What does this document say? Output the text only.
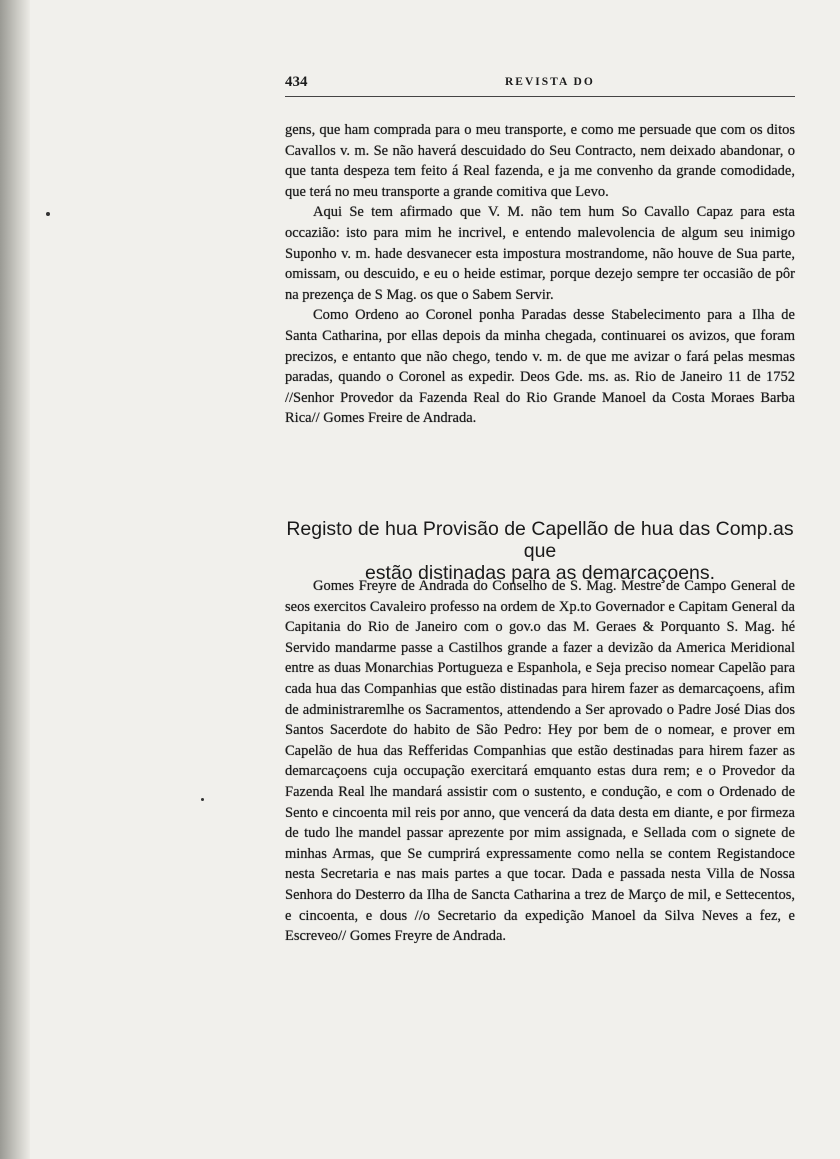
434	REVISTA DO

gens, que ham comprada para o meu transporte, e como me persuade que com os ditos Cavallos v. m. Se não haverá descuidado do Seu Contracto, nem deixado abandonar, o que tanta despeza tem feito á Real fazenda, e ja me convenho da grande comodidade, que terá no meu transporte a grande comitiva que Levo.

Aqui Se tem afirmado que V. M. não tem hum So Cavallo Capaz para esta occazião: isto para mim he incrivel, e entendo malevolencia de algum seu inimigo Suponho v. m. hade desvanecer esta impostura mostrandome, não houve de Sua parte, omissam, ou descuido, e eu o heide estimar, porque dezejo sempre ter occasião de pôr na prezença de S Mag. os que o Sabem Servir.

Como Ordeno ao Coronel ponha Paradas desse Stabelecimento para a Ilha de Santa Catharina, por ellas depois da minha chegada, continuarei os avizos, que foram precizos, e entanto que não chego, tendo v. m. de que me avizar o fará pelas mesmas paradas, quando o Coronel as expedir. Deos Gde. ms. as. Rio de Janeiro 11 de 1752 //Senhor Provedor da Fazenda Real do Rio Grande Manoel da Costa Moraes Barba Rica// Gomes Freire de Andrada.

Registo de hua Provisão de Capellão de hua das Comp.as que
estão distinadas para as demarcaçoens.

Gomes Freyre de Andrada do Conselho de S. Mag. Mestre de Campo General de seos exercitos Cavaleiro professo na ordem de Xp.to Governador e Capitam General da Capitania do Rio de Janeiro com o gov.o das M. Geraes & Porquanto S. Mag. hé Servido mandarme passe a Castilhos grande a fazer a devizão da America Meridional entre as duas Monarchias Portugueza e Espanhola, e Seja preciso nomear Capelão para cada hua das Companhias que estão distinadas para hirem fazer as demarcaçoens, afim de administraremlhe os Sacramentos, attendendo a Ser aprovado o Padre José Dias dos Santos Sacerdote do habito de São Pedro: Hey por bem de o nomear, e prover em Capelão de hua das Refferidas Companhias que estão destinadas para hirem fazer as demarcaçoens cuja occupação exercitará emquanto estas dura rem; e o Provedor da Fazenda Real lhe mandará assistir com o sustento, e condução, e com o Ordenado de Sento e cincoenta mil reis por anno, que vencerá da data desta em diante, e por firmeza de tudo lhe mandel passar aprezente por mim assignada, e Sellada com o signete de minhas Armas, que Se cumprirá expressamente como nella se contem Registandoce nesta Secretaria e nas mais partes a que tocar. Dada e passada nesta Villa de Nossa Senhora do Desterro da Ilha de Sancta Catharina a trez de Março de mil, e Settecentos, e cincoenta, e dous //o Secretario da expedição Manoel da Silva Neves a fez, e Escreveo// Gomes Freyre de Andrada.
